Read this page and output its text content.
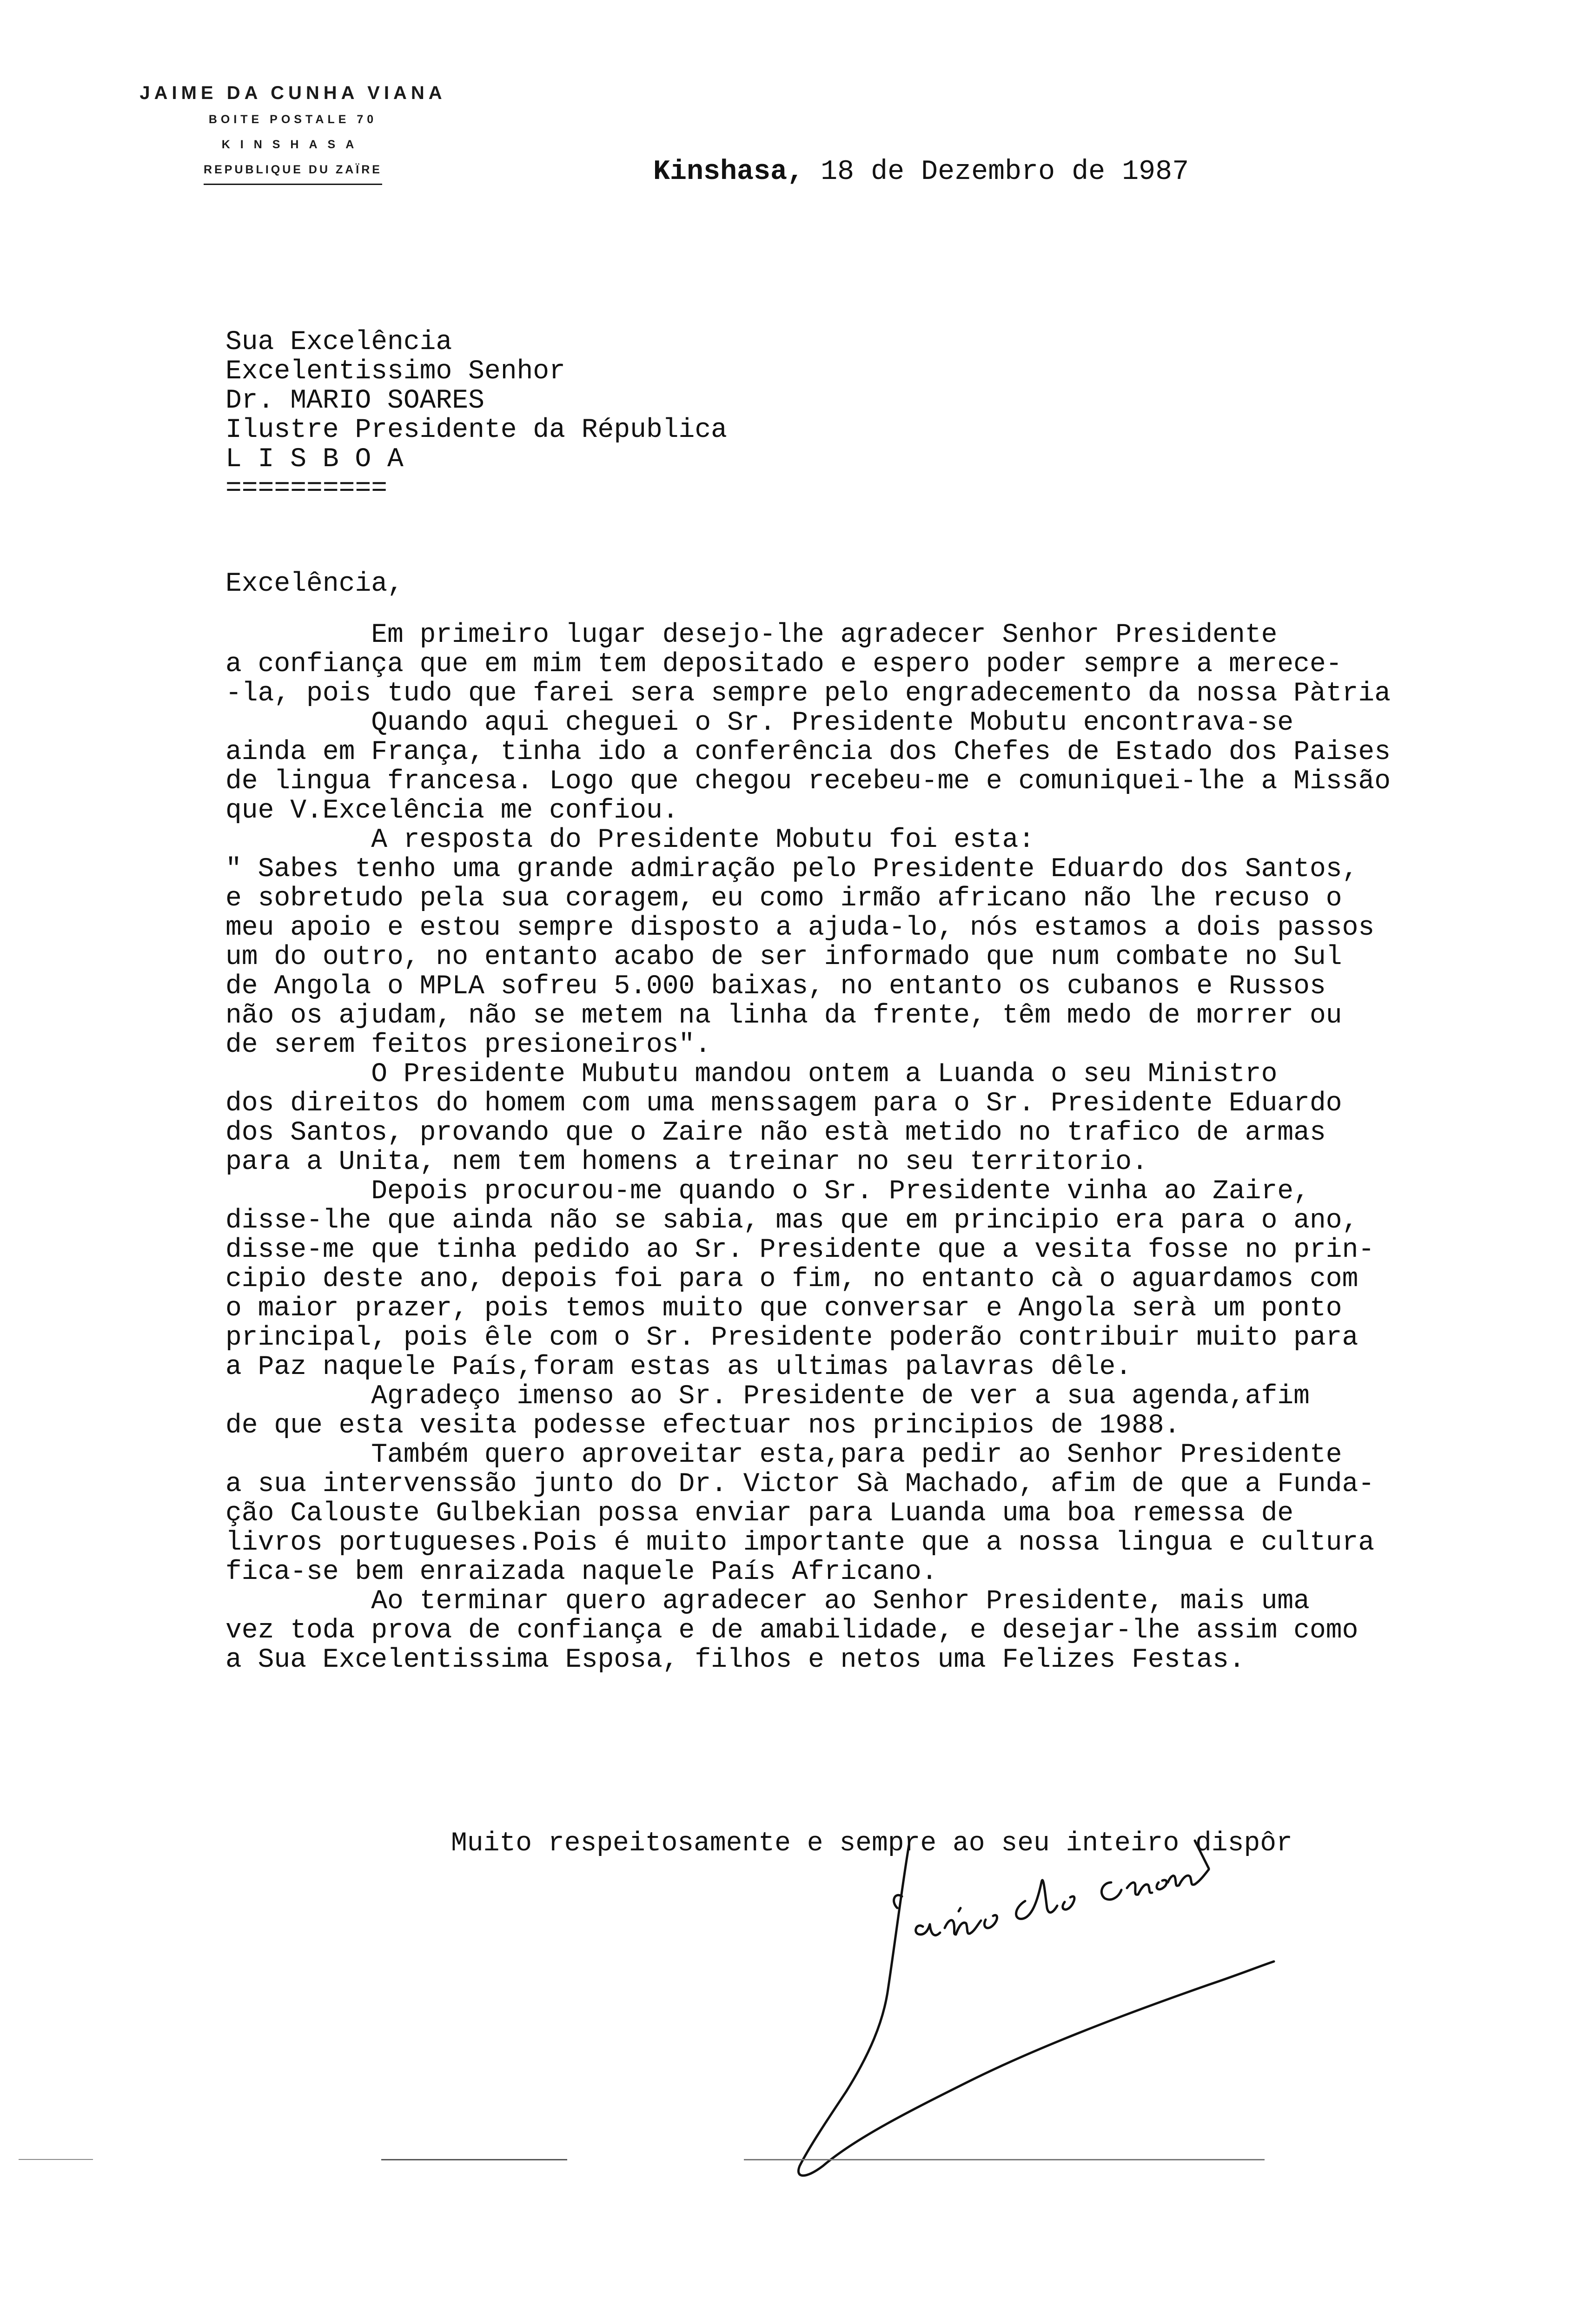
JAIME DA CUNHA VIANA
BOITE POSTALE 70
KINSHASA
REPUBLIQUE DU ZAÏRE	Kinshasa, 18 de Dezembro de 1987
Sua Excelência
Excelentissimo Senhor
Dr. MARIO SOARES
Ilustre Presidente da Républica
L I S B O A
==========
Excelência,
Em primeiro lugar desejo-lhe agradecer Senhor Presidente
a confiança que em mim tem depositado e espero poder sempre a merece-
-la, pois tudo que farei sera sempre pelo engradecemento da nossa Pàtria
Quando aqui cheguei o Sr. Presidente Mobutu encontrava-se
ainda em França, tinha ido a conferência dos Chefes de Estado dos Paises
de lingua francesa. Logo que chegou recebeu-me e comuniquei-lhe a Missão
que V.Excelência me confiou.
A resposta do Presidente Mobutu foi esta:
" Sabes tenho uma grande admiração pelo Presidente Eduardo dos Santos,
e sobretudo pela sua coragem, eu como irmão africano não lhe recuso o
meu apoio e estou sempre disposto a ajuda-lo, nós estamos a dois passos
um do outro, no entanto acabo de ser informado que num combate no Sul
de Angola o MPLA sofreu 5.000 baixas, no entanto os cubanos e Russos
não os ajudam, não se metem na linha da frente, têm medo de morrer ou
de serem feitos presioneiros".
O Presidente Mubutu mandou ontem a Luanda o seu Ministro
dos direitos do homem com uma menssagem para o Sr. Presidente Eduardo
dos Santos, provando que o Zaire não està metido no trafico de armas
para a Unita, nem tem homens a treinar no seu territorio.
Depois procurou-me quando o Sr. Presidente vinha ao Zaire,
disse-lhe que ainda não se sabia, mas que em principio era para o ano,
disse-me que tinha pedido ao Sr. Presidente que a vesita fosse no prin-
cipio deste ano, depois foi para o fim, no entanto cà o aguardamos com
o maior prazer, pois temos muito que conversar e Angola serà um ponto
principal, pois êle com o Sr. Presidente poderão contribuir muito para
a Paz naquele País,foram estas as ultimas palavras dêle.
Agradeço imenso ao Sr. Presidente de ver a sua agenda,afim
de que esta vesita podesse efectuar nos principios de 1988.
Também quero aproveitar esta,para pedir ao Senhor Presidente
a sua intervenssão junto do Dr. Victor Sà Machado, afim de que a Funda-
ção Calouste Gulbekian possa enviar para Luanda uma boa remessa de
livros portugueses.Pois é muito importante que a nossa lingua e cultura
fica-se bem enraizada naquele País Africano.
Ao terminar quero agradecer ao Senhor Presidente, mais uma
vez toda prova de confiança e de amabilidade, e desejar-lhe assim como
a Sua Excelentissima Esposa, filhos e netos uma Felizes Festas.
Muito respeitosamente e sempre ao seu inteiro dispôr
